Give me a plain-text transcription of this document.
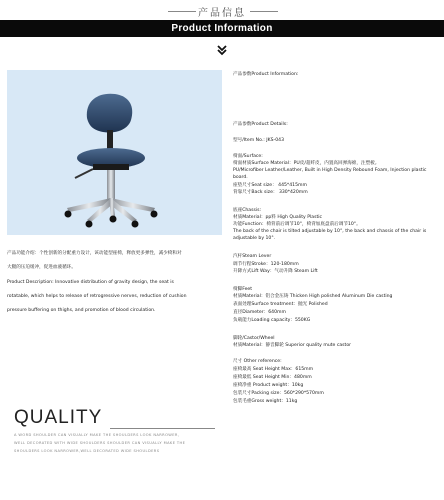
产品信息
Product Information
产品功能介绍：个性创新的分配重力设计，该动能型座椅，释放更多弹性，减少椅和对
大腿的压迫缓冲，促进血液循环。
Product Description: Innovative distribution of gravity design, the seat is
rotatable, which helps to release of retrogressive nerves, reduction of cushion
pressure buffering on thighs, and promotion of blood circulation.
QUALITY
A WORD SHOULDER CAN VISUALLY MAKE THE SHOULDERS LOOK NARROWER,
WELL DECORATED WITH WIDE SHOULDERS SHOULDER CAN VISUALLY MAKE THE
SHOULDERS LOOK NARROWER,WELL DECORATED WIDE SHOULDERS
产品参数Product Information:
产品参数Product Details:
型号/Item No.: JKS-043
椅面/Surface:
椅面材质Surface Material：PU皮/超纤皮，内置高回弹海绵，注塑板。
PU/Microfiber Leather/Leather, Built in High Density Rebound Foam, Injection plastic board.
座垫尺寸Seat size： 445*415mm
背靠尺寸Back size： 330*420mm
底座Chassis:
材质Material：pp料 High Quality Plastic
功能Function：椅背前后调节10°，椅背加底盘前后调节10°。
The back of the chair is tilted adjustable by 10°, the back and chassis of the chair is adjustable by 10°.
汽杆Steam Lever
调节行程Stroke：120-180mm
升降方式Lift Way：气动升降 Steam Lift
椅脚Feet
材质Material：铝合金压铸 Thicken High polished Aluminum Die casting
表面处理Surface treatment：抛光 Polished
直径Diameter：640mm
负载能力Loading capacity：550KG
脚轮/Castor/Wheel
材质Material：静音脚轮 Superior quality mute castor
尺寸 Other reference:
座椅最高 Seat Height Max：615mm
座椅最低 Seat Height Min：480mm
座椅净重 Product weight：10kg
包装尺寸Packing size：560*290*570mm
包装毛重Gross weight：11kg
